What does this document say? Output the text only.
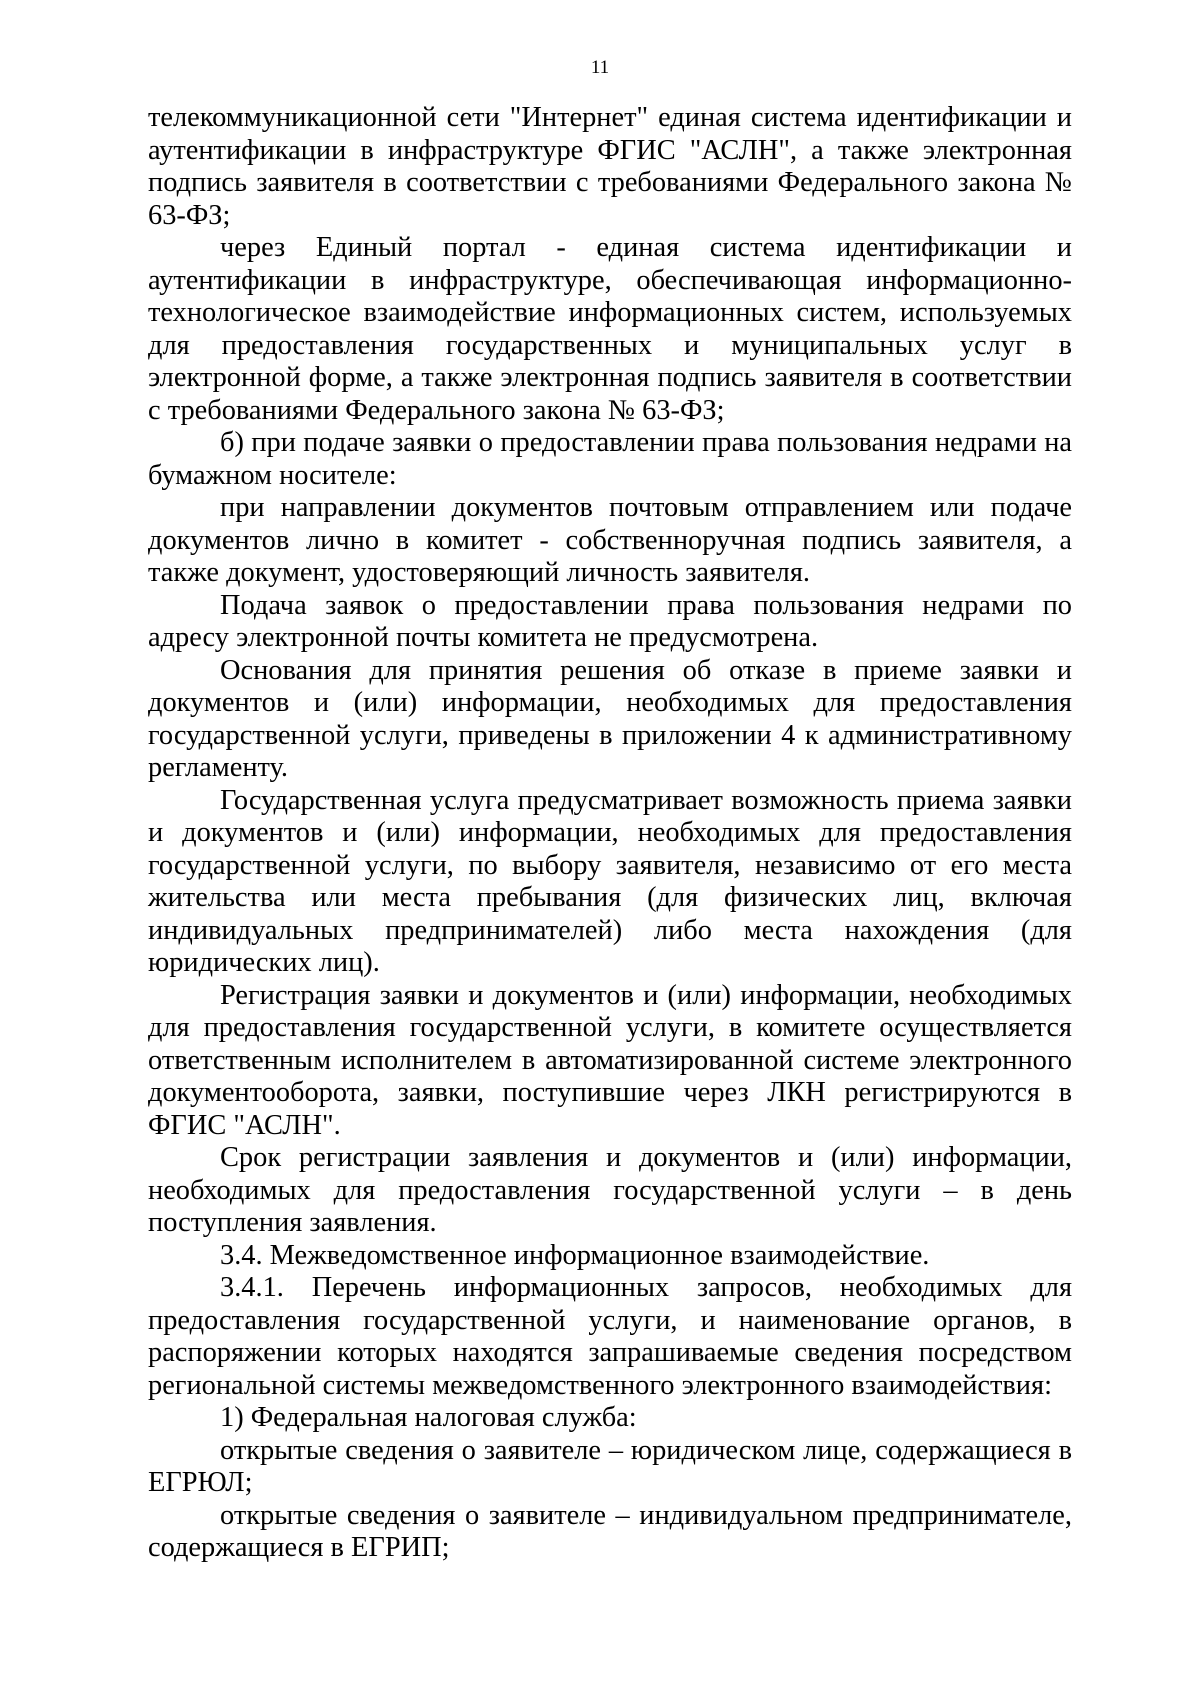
11

телекоммуникационной сети "Интернет" единая система идентификации и аутентификации в инфраструктуре ФГИС "АСЛН", а также электронная подпись заявителя в соответствии с требованиями Федерального закона № 63-ФЗ;

через Единый портал - единая система идентификации и аутентификации в инфраструктуре, обеспечивающая информационно-технологическое взаимодействие информационных систем, используемых для предоставления государственных и муниципальных услуг в электронной форме, а также электронная подпись заявителя в соответствии с требованиями Федерального закона № 63-ФЗ;

б) при подаче заявки о предоставлении права пользования недрами на бумажном носителе:

при направлении документов почтовым отправлением или подаче документов лично в комитет - собственноручная подпись заявителя, а также документ, удостоверяющий личность заявителя.

Подача заявок о предоставлении права пользования недрами по адресу электронной почты комитета не предусмотрена.

Основания для принятия решения об отказе в приеме заявки и документов и (или) информации, необходимых для предоставления государственной услуги, приведены в приложении 4 к административному регламенту.

Государственная услуга предусматривает возможность приема заявки и документов и (или) информации, необходимых для предоставления государственной услуги, по выбору заявителя, независимо от его места жительства или места пребывания (для физических лиц, включая индивидуальных предпринимателей) либо места нахождения (для юридических лиц).

Регистрация заявки и документов и (или) информации, необходимых для предоставления государственной услуги, в комитете осуществляется ответственным исполнителем в автоматизированной системе электронного документооборота, заявки, поступившие через ЛКН регистрируются в ФГИС "АСЛН".

Срок регистрации заявления и документов и (или) информации, необходимых для предоставления государственной услуги – в день поступления заявления.

3.4. Межведомственное информационное взаимодействие.

3.4.1. Перечень информационных запросов, необходимых для предоставления государственной услуги, и наименование органов, в распоряжении которых находятся запрашиваемые сведения посредством региональной системы межведомственного электронного взаимодействия:

1) Федеральная налоговая служба:

открытые сведения о заявителе – юридическом лице, содержащиеся в ЕГРЮЛ;

открытые сведения о заявителе – индивидуальном предпринимателе, содержащиеся в ЕГРИП;
